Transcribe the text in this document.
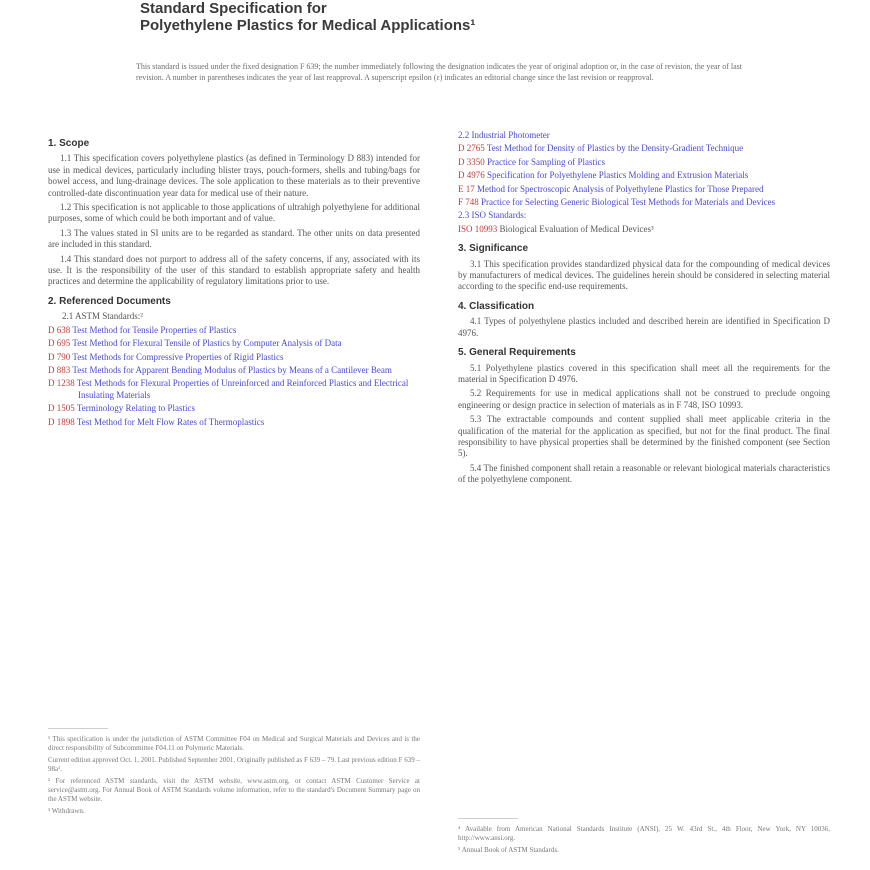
Standard Specification for
Polyethylene Plastics for Medical Applications¹
This standard is issued under the fixed designation F 639; the number immediately following the designation indicates the year of original adoption or, in the case of revision, the year of last revision. A number in parentheses indicates the year of last reapproval. A superscript epsilon (ε) indicates an editorial change since the last revision or reapproval.
1. Scope

1.1 This specification covers polyethylene plastics (as defined in Terminology D 883) intended for use in medical devices, particularly including blister trays, pouch-formers, shells and tubing/bags for bowel access, and lung-drainage devices. The sole application to these materials as to their preventive controlled-date discontinuation year data for medical use of their nature.

1.2 This specification is not applicable to those applications of ultrahigh polyethylene for additional purposes, some of which could be both important and of value.

1.3 The values stated in SI units are to be regarded as standard. The other units on data presented are included in this standard.

1.4 This standard does not purport to address all of the safety concerns, if any, associated with its use. It is the responsibility of the user of this standard to establish appropriate safety and health practices and determine the applicability of regulatory limitations prior to use.

2. Referenced Documents
2.1 ASTM Standards:²
D 638 Test Method for Tensile Properties of Plastics
D 695 Test Method for Flexural Tensile of Plastics by Computer Analysis of Data
D 790 Test Methods for Compressive Properties of Rigid Plastics
D 883 Test Methods for Apparent Bending Modulus of Plastics by Means of a Cantilever Beam
D 1238 Test Methods for Flexural Properties of Unreinforced and Reinforced Plastics and Electrical Insulating Materials
D 1505 Terminology Relating to Plastics
D 1898 Test Method for Melt Flow Rates of Thermoplastics
2.2 Industrial Photometer
D 2765 Test Method for Density of Plastics by the Density-Gradient Technique
D 3350 Practice for Sampling of Plastics
D 4976 Specification for Polyethylene Plastics Molding and Extrusion Materials
E 17 Method for Spectroscopic Analysis of Polyethylene Plastics for Those Prepared
F 748 Practice for Selecting Generic Biological Test Methods for Materials and Devices
2.3 ISO Standards:
ISO 10993 Biological Evaluation of Medical Devices³
3. Significance

3.1 This specification provides standardized physical data for the compounding of medical devices by manufacturers of medical devices. The guidelines herein should be considered in selecting material according to the specific end-use requirements.

4. Classification

4.1 Types of polyethylene plastics included and described herein are identified in Specification D 4976.

5. General Requirements

5.1 Polyethylene plastics covered in this specification shall meet all the requirements for the material in Specification D 4976.

5.2 Requirements for use in medical applications shall not be construed to preclude ongoing engineering or design practice in selection of materials as in F 748, ISO 10993.

5.3 The extractable compounds and content supplied shall meet applicable criteria in the qualification of the material for the application as specified, but not for the final product. The final responsibility to have physical properties shall be determined by the finished component (see Section 5).

5.4 The finished component shall retain a reasonable or relevant biological materials characteristics of the polyethylene component.

¹ This specification is under the jurisdiction of ASTM Committee F04 on Medical and Surgical Materials and Devices and is the direct responsibility of Subcommittee F04.11 on Polymeric Materials.

Current edition approved Oct. 1, 2001. Published September 2001. Originally published as F 639 – 79. Last previous edition F 639 – 98a¹.

² For referenced ASTM standards, visit the ASTM website, www.astm.org, or contact ASTM Customer Service at service@astm.org. For Annual Book of ASTM Standards volume information, refer to the standard's Document Summary page on the ASTM website.

³ Withdrawn.

⁴ Available from American National Standards Institute (ANSI), 25 W. 43rd St., 4th Floor, New York, NY 10036, http://www.ansi.org.

⁵ Annual Book of ASTM Standards.
